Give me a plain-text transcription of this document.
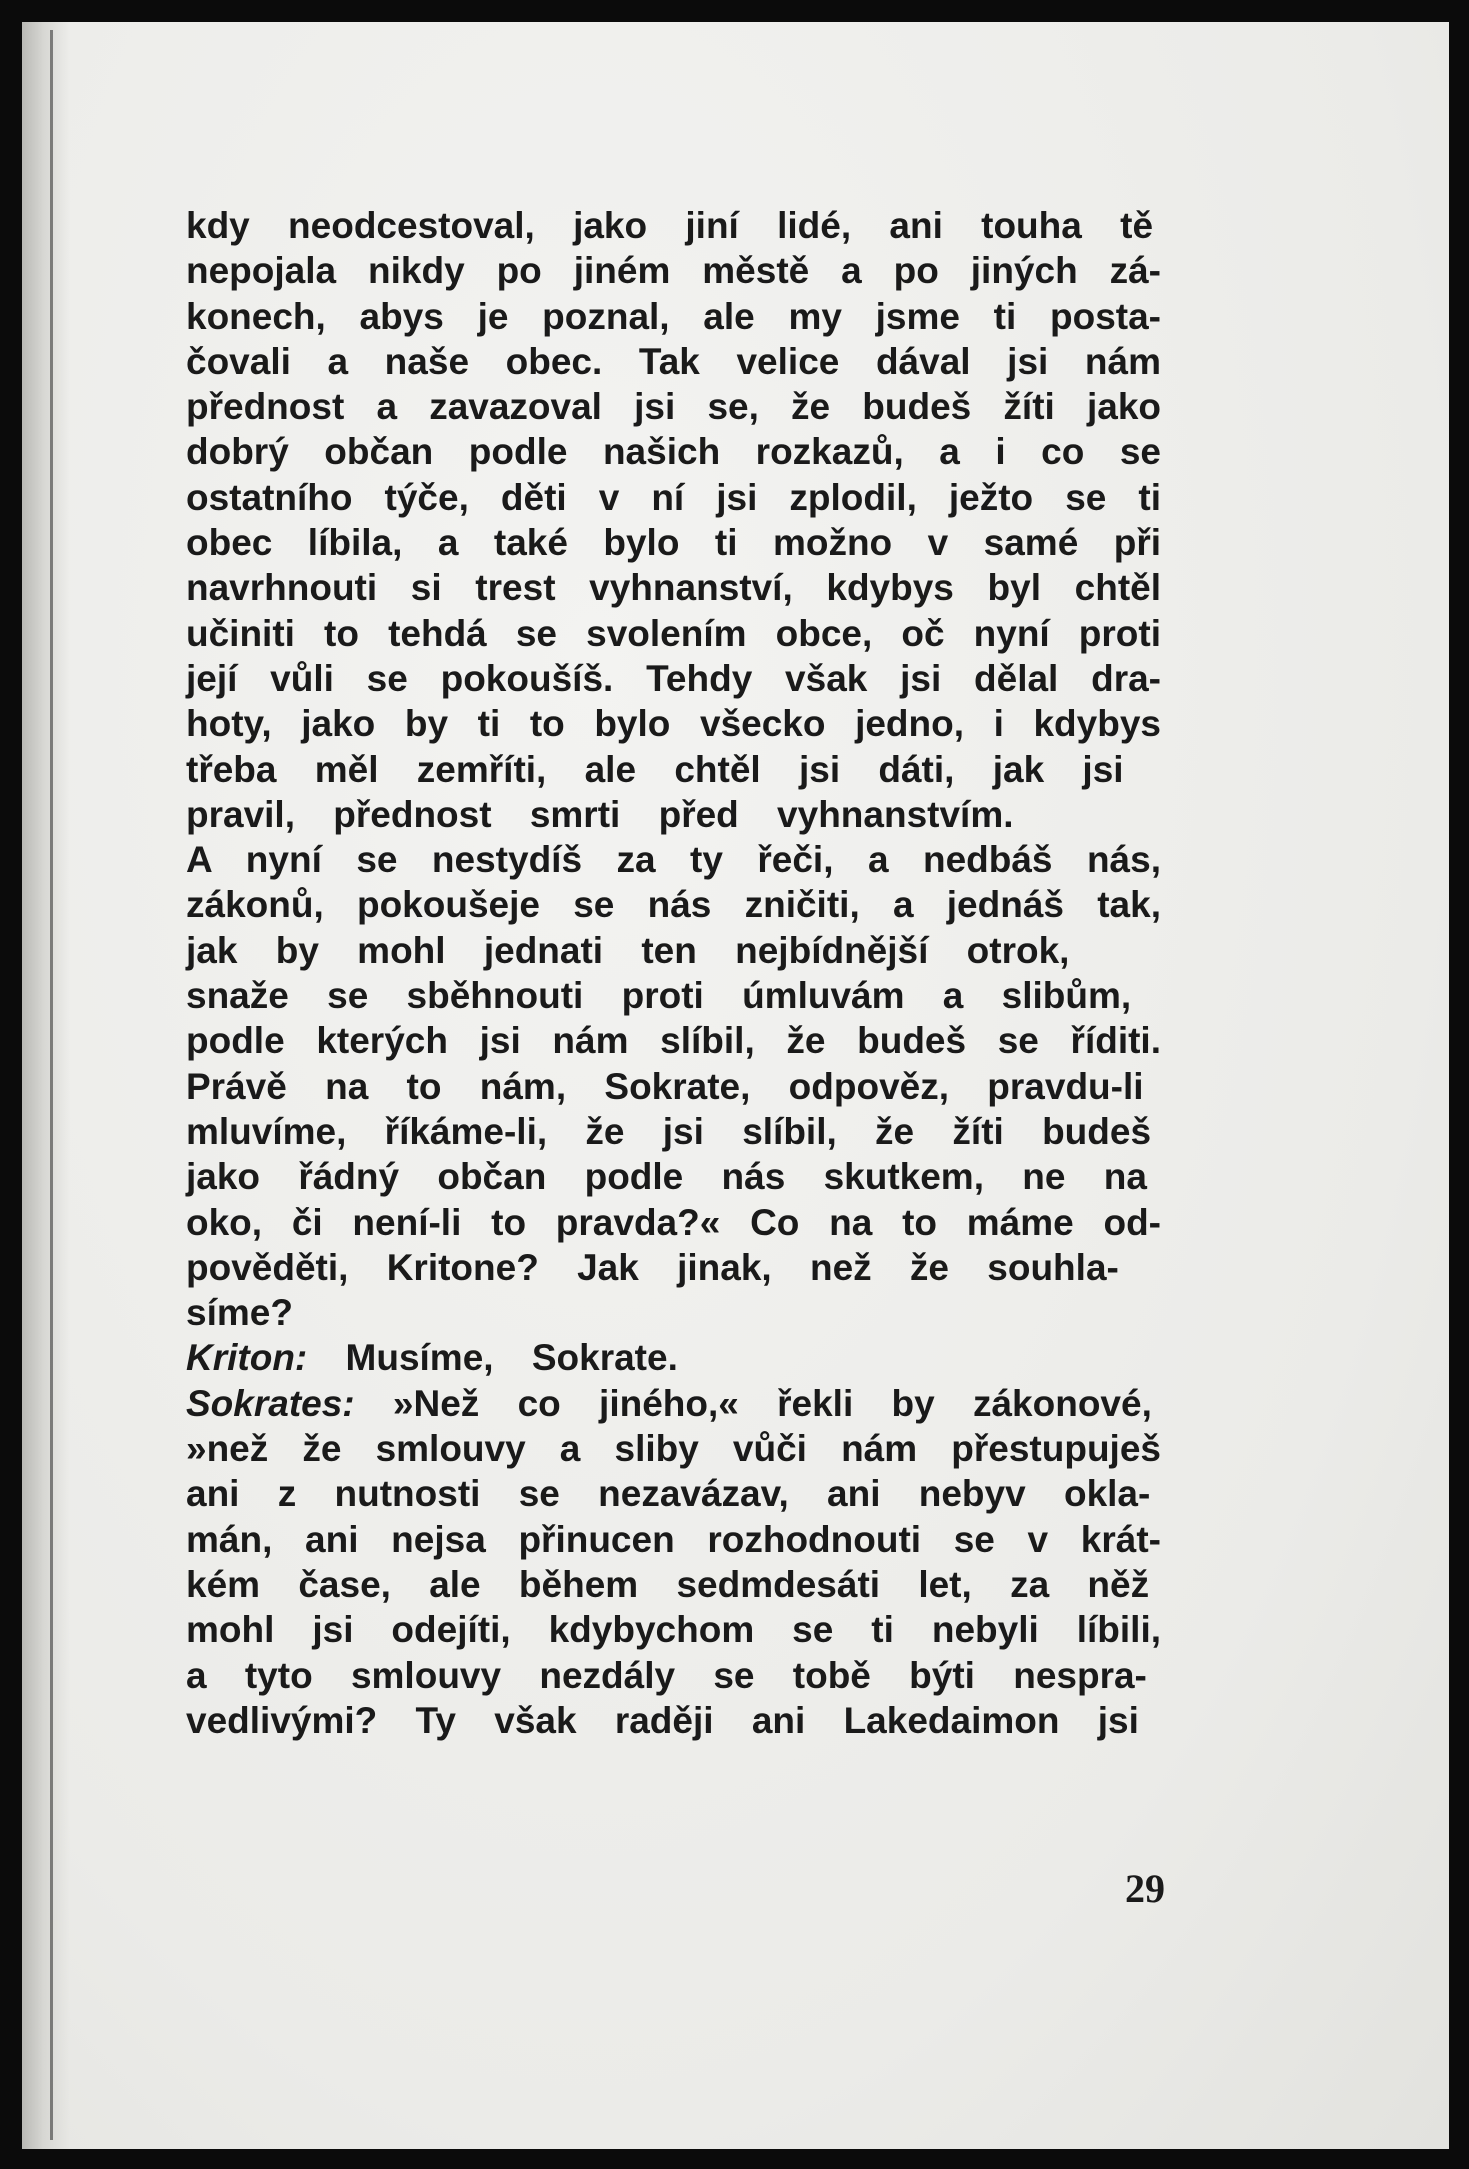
kdy neodcestoval, jako jiní lidé, ani touha tě
nepojala nikdy po jiném městě a po jiných zá-
konech, abys je poznal, ale my jsme ti posta-
čovali a naše obec. Tak velice dával jsi nám
přednost a zavazoval jsi se, že budeš žíti jako
dobrý občan podle našich rozkazů, a i co se
ostatního týče, děti v ní jsi zplodil, ježto se ti
obec líbila, a také bylo ti možno v samé při
navrhnouti si trest vyhnanství, kdybys byl chtěl
učiniti to tehdá se svolením obce, oč nyní proti
její vůli se pokoušíš. Tehdy však jsi dělal dra-
hoty, jako by ti to bylo všecko jedno, i kdybys
třeba měl zemříti, ale chtěl jsi dáti, jak jsi
pravil, přednost smrti před vyhnanstvím.
A nyní se nestydíš za ty řeči, a nedbáš nás,
zákonů, pokoušeje se nás zničiti, a jednáš tak,
jak by mohl jednati ten nejbídnější otrok,
snaže se sběhnouti proti úmluvám a slibům,
podle kterých jsi nám slíbil, že budeš se říditi.
Právě na to nám, Sokrate, odpověz, pravdu-li
mluvíme, říkáme-li, že jsi slíbil, že žíti budeš
jako řádný občan podle nás skutkem, ne na
oko, či není-li to pravda?« Co na to máme od-
pověděti, Kritone? Jak jinak, než že souhla-
símе?
Kriton: Musíme, Sokrate.
Sokrates: »Než co jiného,« řekli by zákonové,
»než že smlouvy a sliby vůči nám přestupuješ
ani z nutnosti se nezavázav, ani nebyv okla-
mán, ani nejsa přinucen rozhodnouti se v krát-
kém čase, ale během sedmdesáti let, za něž
mohl jsi odejíti, kdybychom se ti nebyli líbili,
a tyto smlouvy nezdály se tobě býti nespra-
vedlivými? Ty však raději ani Lakedaimon jsi
29
